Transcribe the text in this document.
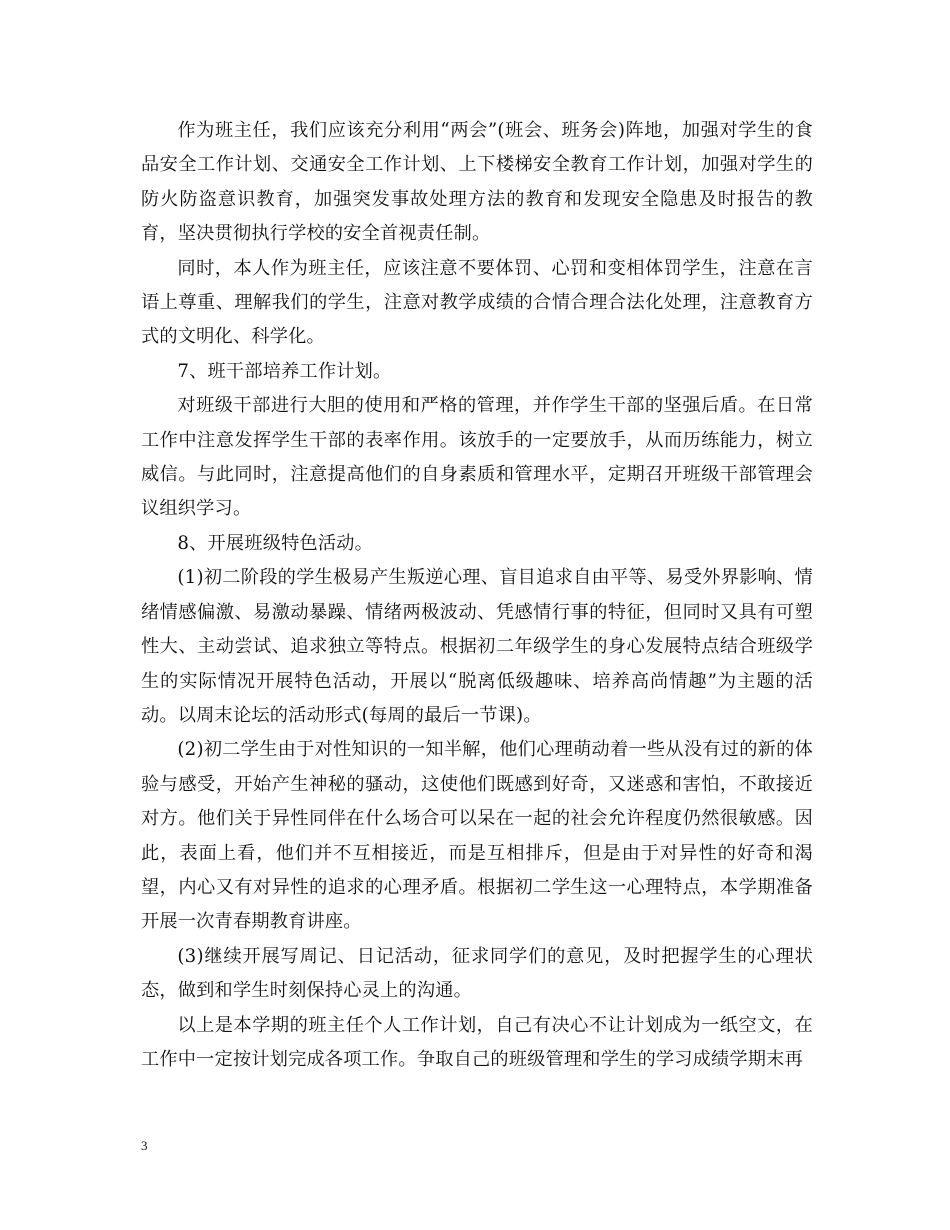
作为班主任，我们应该充分利用“两会”(班会、班务会)阵地，加强对学生的食品安全工作计划、交通安全工作计划、上下楼梯安全教育工作计划，加强对学生的防火防盗意识教育，加强突发事故处理方法的教育和发现安全隐患及时报告的教育，坚决贯彻执行学校的安全首视责任制。

同时，本人作为班主任，应该注意不要体罚、心罚和变相体罚学生，注意在言语上尊重、理解我们的学生，注意对教学成绩的合情合理合法化处理，注意教育方式的文明化、科学化。

7、班干部培养工作计划。

对班级干部进行大胆的使用和严格的管理，并作学生干部的坚强后盾。在日常工作中注意发挥学生干部的表率作用。该放手的一定要放手，从而历练能力，树立威信。与此同时，注意提高他们的自身素质和管理水平，定期召开班级干部管理会议组织学习。

8、开展班级特色活动。

(1)初二阶段的学生极易产生叛逆心理、盲目追求自由平等、易受外界影响、情绪情感偏激、易激动暴躁、情绪两极波动、凭感情行事的特征，但同时又具有可塑性大、主动尝试、追求独立等特点。根据初二年级学生的身心发展特点结合班级学生的实际情况开展特色活动，开展以“脱离低级趣味、培养高尚情趣”为主题的活动。以周末论坛的活动形式(每周的最后一节课)。

(2)初二学生由于对性知识的一知半解，他们心理萌动着一些从没有过的新的体验与感受，开始产生神秘的骚动，这使他们既感到好奇，又迷惑和害怕，不敢接近对方。他们关于异性同伴在什么场合可以呆在一起的社会允许程度仍然很敏感。因此，表面上看，他们并不互相接近，而是互相排斥，但是由于对异性的好奇和渴望，内心又有对异性的追求的心理矛盾。根据初二学生这一心理特点，本学期准备开展一次青春期教育讲座。

(3)继续开展写周记、日记活动，征求同学们的意见，及时把握学生的心理状态，做到和学生时刻保持心灵上的沟通。

以上是本学期的班主任个人工作计划，自己有决心不让计划成为一纸空文，在工作中一定按计划完成各项工作。争取自己的班级管理和学生的学习成绩学期末再

3
